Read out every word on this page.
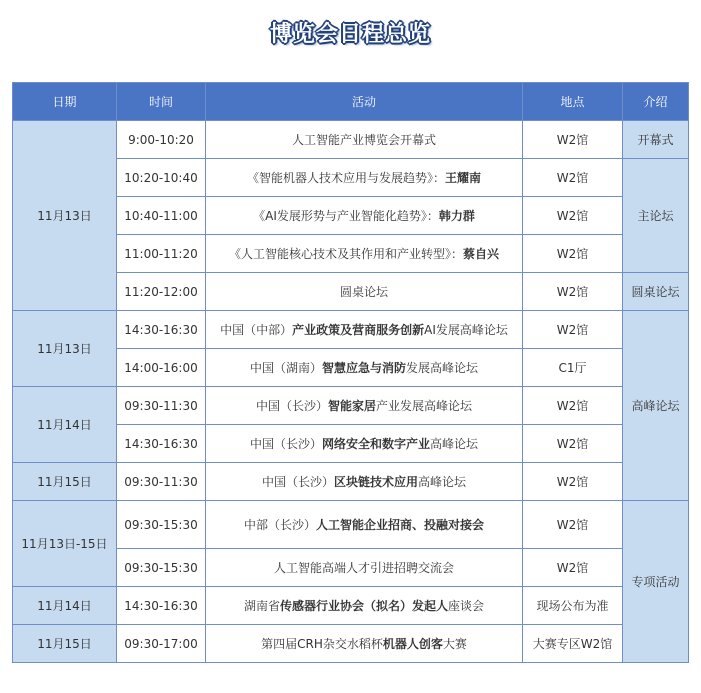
博览会日程总览
日期	时间	活动	地点	介绍
11月13日	9:00-10:20	人工智能产业博览会开幕式	W2馆	开幕式
	10:20-10:40	《智能机器人技术应用与发展趋势》：王耀南	W2馆	主论坛
	10:40-11:00	《AI发展形势与产业智能化趋势》：韩力群	W2馆	
	11:00-11:20	《人工智能核心技术及其作用和产业转型》：蔡自兴	W2馆	
	11:20-12:00	圆桌论坛	W2馆	圆桌论坛
11月13日	14:30-16:30	中国（中部）产业政策及营商服务创新AI发展高峰论坛	W2馆	高峰论坛
	14:00-16:00	中国（湖南）智慧应急与消防发展高峰论坛	C1厅	
11月14日	09:30-11:30	中国（长沙）智能家居产业发展高峰论坛	W2馆	
	14:30-16:30	中国（长沙）网络安全和数字产业高峰论坛	W2馆	
11月15日	09:30-11:30	中国（长沙）区块链技术应用高峰论坛	W2馆	
11月13日-15日	09:30-15:30	中部（长沙）人工智能企业招商、投融对接会	W2馆	专项活动
	09:30-15:30	人工智能高端人才引进招聘交流会	W2馆	
11月14日	14:30-16:30	湖南省传感器行业协会（拟名）发起人座谈会	现场公布为准	
11月15日	09:30-17:00	第四届CRH杂交水稻杯机器人创客大赛	大赛专区W2馆	
